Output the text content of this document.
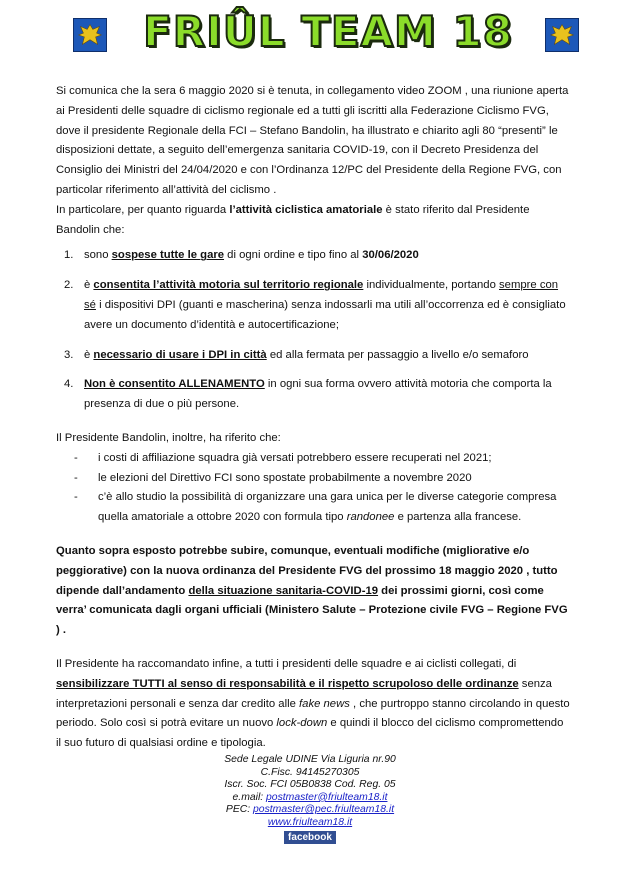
FRIÛL TEAM 18

Si comunica che la sera 6 maggio 2020 si è tenuta, in collegamento video ZOOM , una riunione aperta ai Presidenti delle squadre di ciclismo regionale ed a tutti gli iscritti alla Federazione Ciclismo FVG, dove il presidente Regionale della FCI – Stefano Bandolin, ha illustrato e chiarito agli 80 “presenti” le disposizioni dettate, a seguito dell’emergenza sanitaria COVID-19, con il Decreto Presidenza del Consiglio dei Ministri del 24/04/2020 e con l’Ordinanza 12/PC del Presidente della Regione FVG, con particolar riferimento all’attività del ciclismo .

In particolare, per quanto riguarda l’attività ciclistica amatoriale è stato riferito dal Presidente Bandolin che:

1. sono sospese tutte le gare di ogni ordine e tipo fino al 30/06/2020
2. è consentita l’attività motoria sul territorio regionale individualmente, portando sempre con sé i dispositivi DPI (guanti e mascherina) senza indossarli ma utili all’occorrenza ed è consigliato avere un documento d’identità e autocertificazione;
3. è necessario di usare i DPI in città ed alla fermata per passaggio a livello e/o semaforo
4. Non è consentito ALLENAMENTO in ogni sua forma ovvero attività motoria che comporta la presenza di due o più persone.

Il Presidente Bandolin, inoltre, ha riferito che:

- i costi di affiliazione squadra già versati potrebbero essere recuperati nel 2021;
- le elezioni del Direttivo FCI sono spostate probabilmente a novembre 2020
- c’è allo studio la possibilità di organizzare una gara unica per le diverse categorie compresa quella amatoriale a ottobre 2020 con formula tipo randonee e partenza alla francese.

Quanto sopra esposto potrebbe subire, comunque, eventuali modifiche (migliorative e/o peggiorative) con la nuova ordinanza del Presidente FVG del prossimo 18 maggio 2020 , tutto dipende dall’andamento della situazione sanitaria-COVID-19 dei prossimi giorni, così come verra’ comunicata dagli organi ufficiali (Ministero Salute – Protezione civile FVG – Regione FVG ) .

Il Presidente ha raccomandato infine, a tutti i presidenti delle squadre e ai ciclisti collegati, di sensibilizzare TUTTI al senso di responsabilità e il rispetto scrupoloso delle ordinanze senza interpretazioni personali e senza dar credito alle fake news , che purtroppo stanno circolando in questo periodo. Solo così si potrà evitare un nuovo lock-down e quindi il blocco del ciclismo compromettendo il suo futuro di qualsiasi ordine e tipologia.

Sede Legale UDINE Via Liguria nr.90
C.Fisc. 94145270305
Iscr. Soc. FCI 05B0838 Cod. Reg. 05
e.mail: postmaster@friulteam18.it
PEC: postmaster@pec.friulteam18.it
www.friulteam18.it
facebook
